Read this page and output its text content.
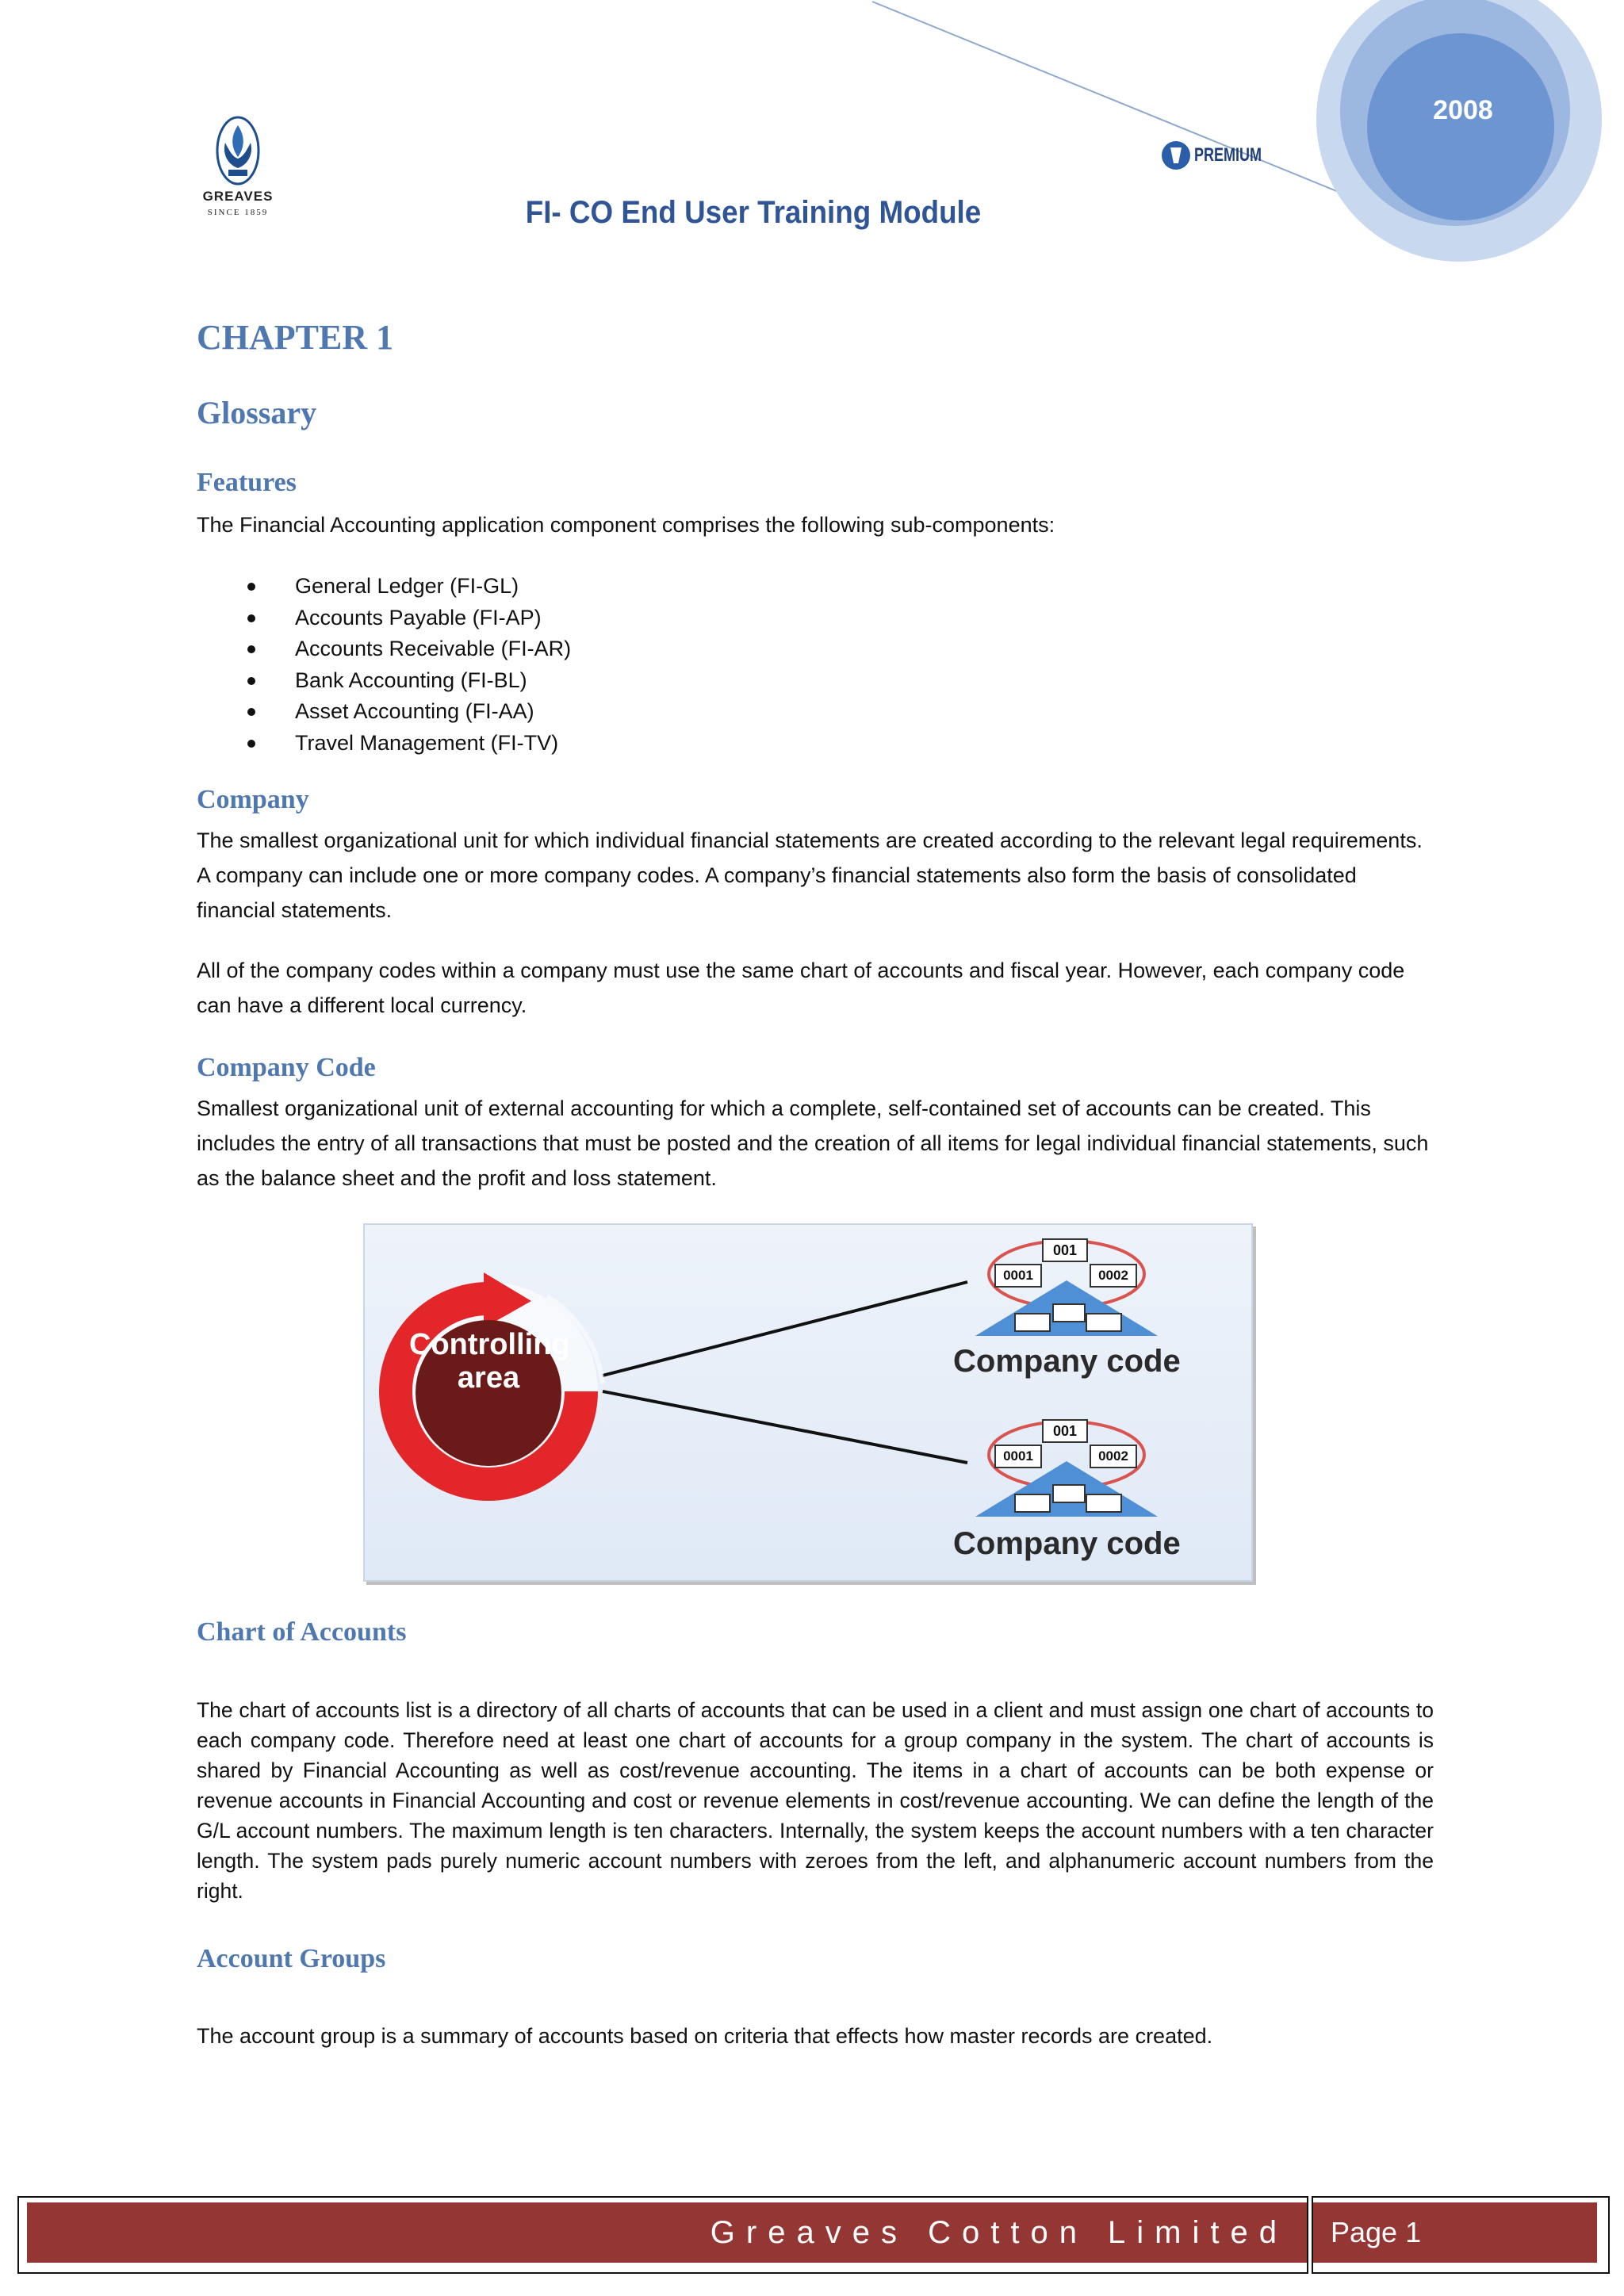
2008
GREAVES
SINCE 1859
PREMIUM
FI- CO End User Training Module
CHAPTER 1
Glossary
Features

The Financial Accounting application component comprises the following sub-components:

General Ledger (FI-GL)
Accounts Payable (FI-AP)
Accounts Receivable (FI-AR)
Bank Accounting (FI-BL)
Asset Accounting (FI-AA)
Travel Management (FI-TV)
Company

The smallest organizational unit for which individual financial statements are created according to the relevant legal requirements. A company can include one or more company codes. A company’s financial statements also form the basis of consolidated financial statements.

All of the company codes within a company must use the same chart of accounts and fiscal year. However, each company code can have a different local currency.

Company Code

Smallest organizational unit of external accounting for which a complete, self-contained set of accounts can be created. This includes the entry of all transactions that must be posted and the creation of all items for legal individual financial statements, such as the balance sheet and the profit and loss statement.

Controlling
area
001
0001	0002
001
0001	0002
Company code
Company code
Chart of Accounts

The chart of accounts list is a directory of all charts of accounts that can be used in a client and must assign one chart of accounts to each company code. Therefore need at least one chart of accounts for a group company in the system. The chart of accounts is shared by Financial Accounting as well as cost/revenue accounting. The items in a chart of accounts can be both expense or revenue accounts in Financial Accounting and cost or revenue elements in cost/revenue accounting. We can define the length of the G/L account numbers. The maximum length is ten characters. Internally, the system keeps the account numbers with a ten character length. The system pads purely numeric account numbers with zeroes from the left, and alphanumeric account numbers from the right.

Account Groups

The account group is a summary of accounts based on criteria that effects how master records are created.

Greaves Cotton Limited Page 1
